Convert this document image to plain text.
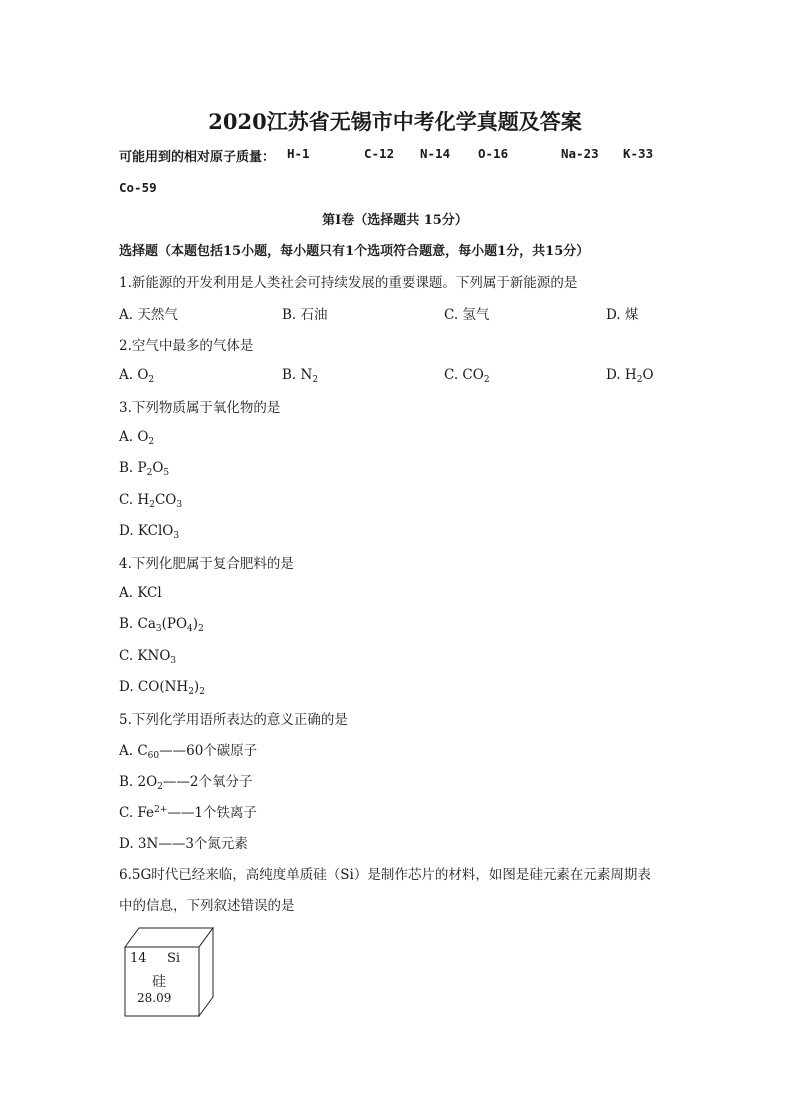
2020江苏省无锡市中考化学真题及答案
可能用到的相对原子质量： H-1	C-12 N-14 O-16	Na-23 K-33
Co-59
第Ⅰ卷（选择题共 15分）
选择题（本题包括15小题，每小题只有1个选项符合题意，每小题1分，共15分）
1.新能源的开发利用是人类社会可持续发展的重要课题。下列属于新能源的是
A. 天然气	B. 石油	C. 氢气	D. 煤
2.空气中最多的气体是
A. $O_2$	B. $N_2$	C. $CO_2$	D. $H_2O$
3.下列物质属于氧化物的是
A. $O_2$
B. $P_2O_5$
C. $H_2CO_3$
D. KClO$_3$
4.下列化肥属于复合肥料的是
A. KCl
B. $Ca_3(PO_4)_2$
C. $KNO_3$
D. $CO(NH_2)_2$
5.下列化学用语所表达的意义正确的是
A. $C_{60}——60$个碳原子
B. $2O_2——2$个氧分子
C. $Fe^{2+}——1$个铁离子
D. 3N——3个氮元素
6.5G时代已经来临，高纯度单质硅（Si）是制作芯片的材料，如图是硅元素在元素周期表
中的信息，下列叙述错误的是
14 Si
硅
28.09
